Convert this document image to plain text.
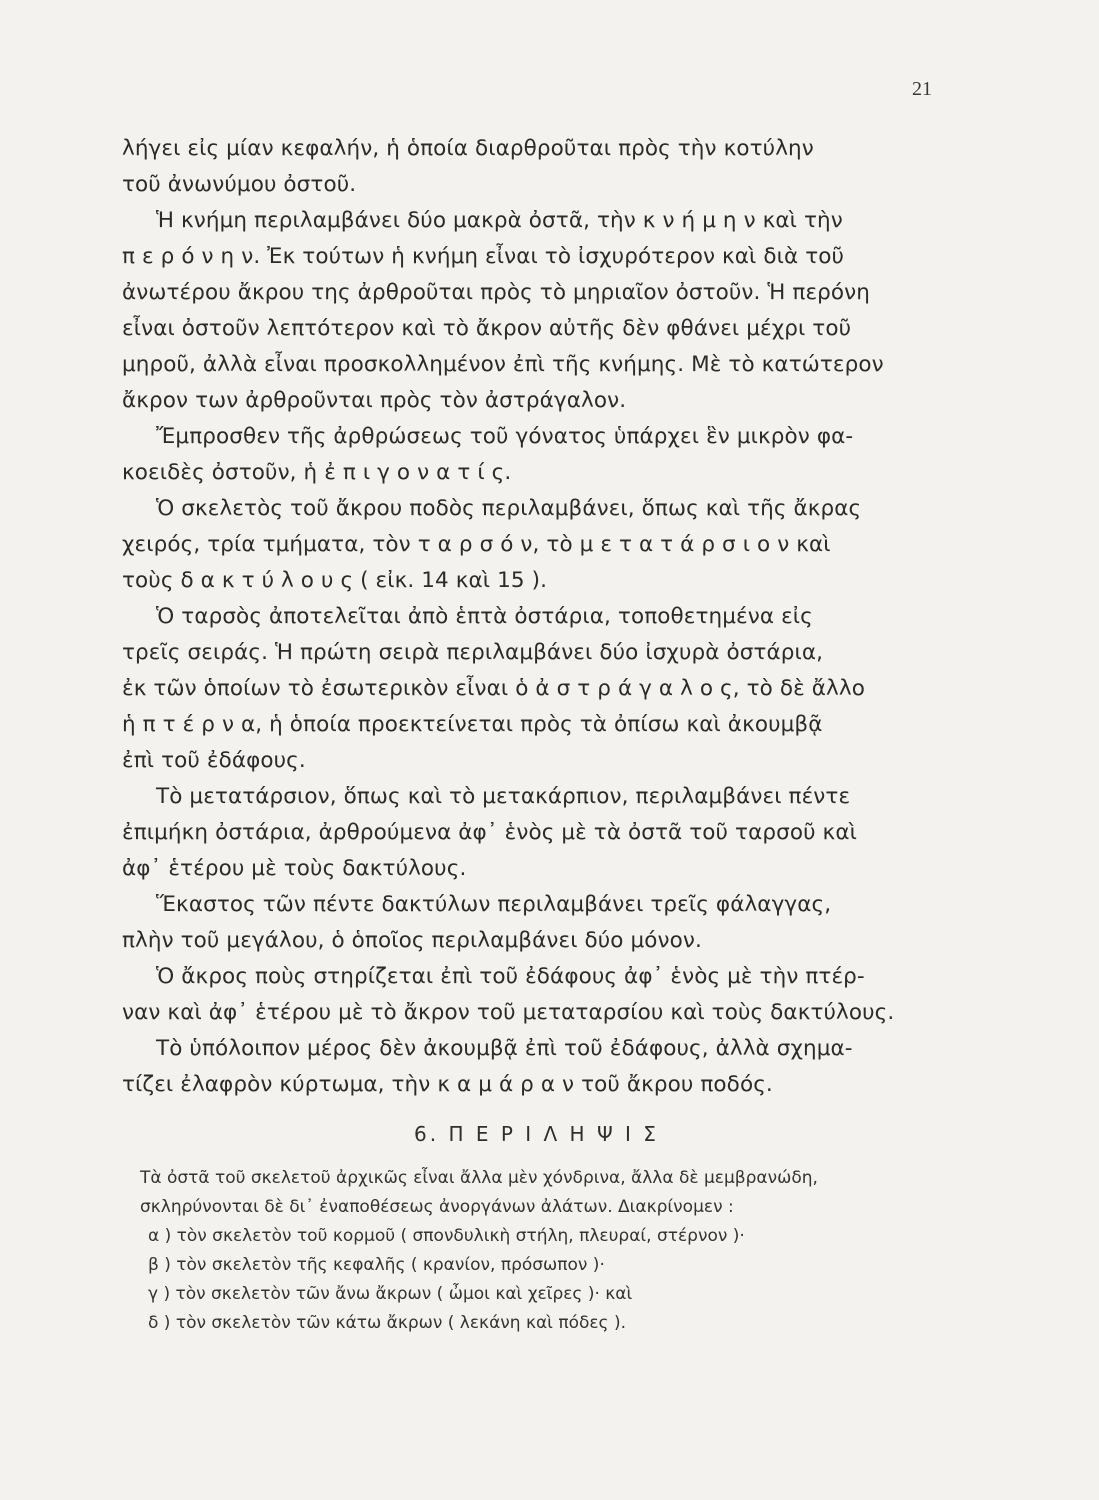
21
λήγει εἰς μίαν κεφαλήν, ἡ ὁποία διαρθροῦται πρὸς τὴν κοτύλην
τοῦ ἀνωνύμου ὀστοῦ.
Ἡ κνήμη περιλαμβάνει δύο μακρὰ ὀστᾶ, τὴν κ ν ή μ η ν καὶ τὴν
π ε ρ ό ν η ν. Ἐκ τούτων ἡ κνήμη εἶναι τὸ ἰσχυρότερον καὶ διὰ τοῦ
ἀνωτέρου ἄκρου της ἀρθροῦται πρὸς τὸ μηριαῖον ὀστοῦν. Ἡ περόνη
εἶναι ὀστοῦν λεπτότερον καὶ τὸ ἄκρον αὐτῆς δὲν φθάνει μέχρι τοῦ
μηροῦ, ἀλλὰ εἶναι προσκολλημένον ἐπὶ τῆς κνήμης. Μὲ τὸ κατώτερον
ἄκρον των ἀρθροῦνται πρὸς τὸν ἀστράγαλον.
Ἔμπροσθεν τῆς ἀρθρώσεως τοῦ γόνατος ὑπάρχει ἓν μικρὸν φα-
κοειδὲς ὀστοῦν, ἡ ἐ π ι γ ο ν α τ ί ς.
Ὁ σκελετὸς τοῦ ἄκρου ποδὸς περιλαμβάνει, ὅπως καὶ τῆς ἄκρας
χειρός, τρία τμήματα, τὸν τ α ρ σ ό ν, τὸ μ ε τ α τ ά ρ σ ι ο ν καὶ
τοὺς δ α κ τ ύ λ ο υ ς ( εἰκ. 14 καὶ 15 ).
Ὁ ταρσὸς ἀποτελεῖται ἀπὸ ἑπτὰ ὀστάρια, τοποθετημένα εἰς
τρεῖς σειράς. Ἡ πρώτη σειρὰ περιλαμβάνει δύο ἰσχυρὰ ὀστάρια,
ἐκ τῶν ὁποίων τὸ ἐσωτερικὸν εἶναι ὁ ἀ σ τ ρ ά γ α λ ο ς, τὸ δὲ ἄλλο
ἡ π τ έ ρ ν α, ἡ ὁποία προεκτείνεται πρὸς τὰ ὀπίσω καὶ ἀκουμβᾷ
ἐπὶ τοῦ ἐδάφους.
Τὸ μετατάρσιον, ὅπως καὶ τὸ μετακάρπιον, περιλαμβάνει πέντε
ἐπιμήκη ὀστάρια, ἀρθρούμενα ἀφ᾿ ἑνὸς μὲ τὰ ὀστᾶ τοῦ ταρσοῦ καὶ
ἀφ᾿ ἑτέρου μὲ τοὺς δακτύλους.
Ἕκαστος τῶν πέντε δακτύλων περιλαμβάνει τρεῖς φάλαγγας,
πλὴν τοῦ μεγάλου, ὁ ὁποῖος περιλαμβάνει δύο μόνον.
Ὁ ἄκρος ποὺς στηρίζεται ἐπὶ τοῦ ἐδάφους ἀφ᾿ ἑνὸς μὲ τὴν πτέρ-
ναν καὶ ἀφ᾿ ἑτέρου μὲ τὸ ἄκρον τοῦ μεταταρσίου καὶ τοὺς δακτύλους.
Τὸ ὑπόλοιπον μέρος δὲν ἀκουμβᾷ ἐπὶ τοῦ ἐδάφους, ἀλλὰ σχημα-
τίζει ἐλαφρὸν κύρτωμα, τὴν κ α μ ά ρ α ν τοῦ ἄκρου ποδός.
6. Π Ε Ρ Ι Λ Η Ψ Ι Σ
Τὰ ὀστᾶ τοῦ σκελετοῦ ἀρχικῶς εἶναι ἄλλα μὲν χόνδρινα, ἄλλα δὲ μεμβρανώδη,
σκληρύνονται δὲ δι᾿ ἐναποθέσεως ἀνοργάνων ἀλάτων. Διακρίνομεν :
α ) τὸν σκελετὸν τοῦ κορμοῦ ( σπονδυλικὴ στήλη, πλευραί, στέρνον )·
β ) τὸν σκελετὸν τῆς κεφαλῆς ( κρανίον, πρόσωπον )·
γ ) τὸν σκελετὸν τῶν ἄνω ἄκρων ( ὦμοι καὶ χεῖρες )· καὶ
δ ) τὸν σκελετὸν τῶν κάτω ἄκρων ( λεκάνη καὶ πόδες ).
